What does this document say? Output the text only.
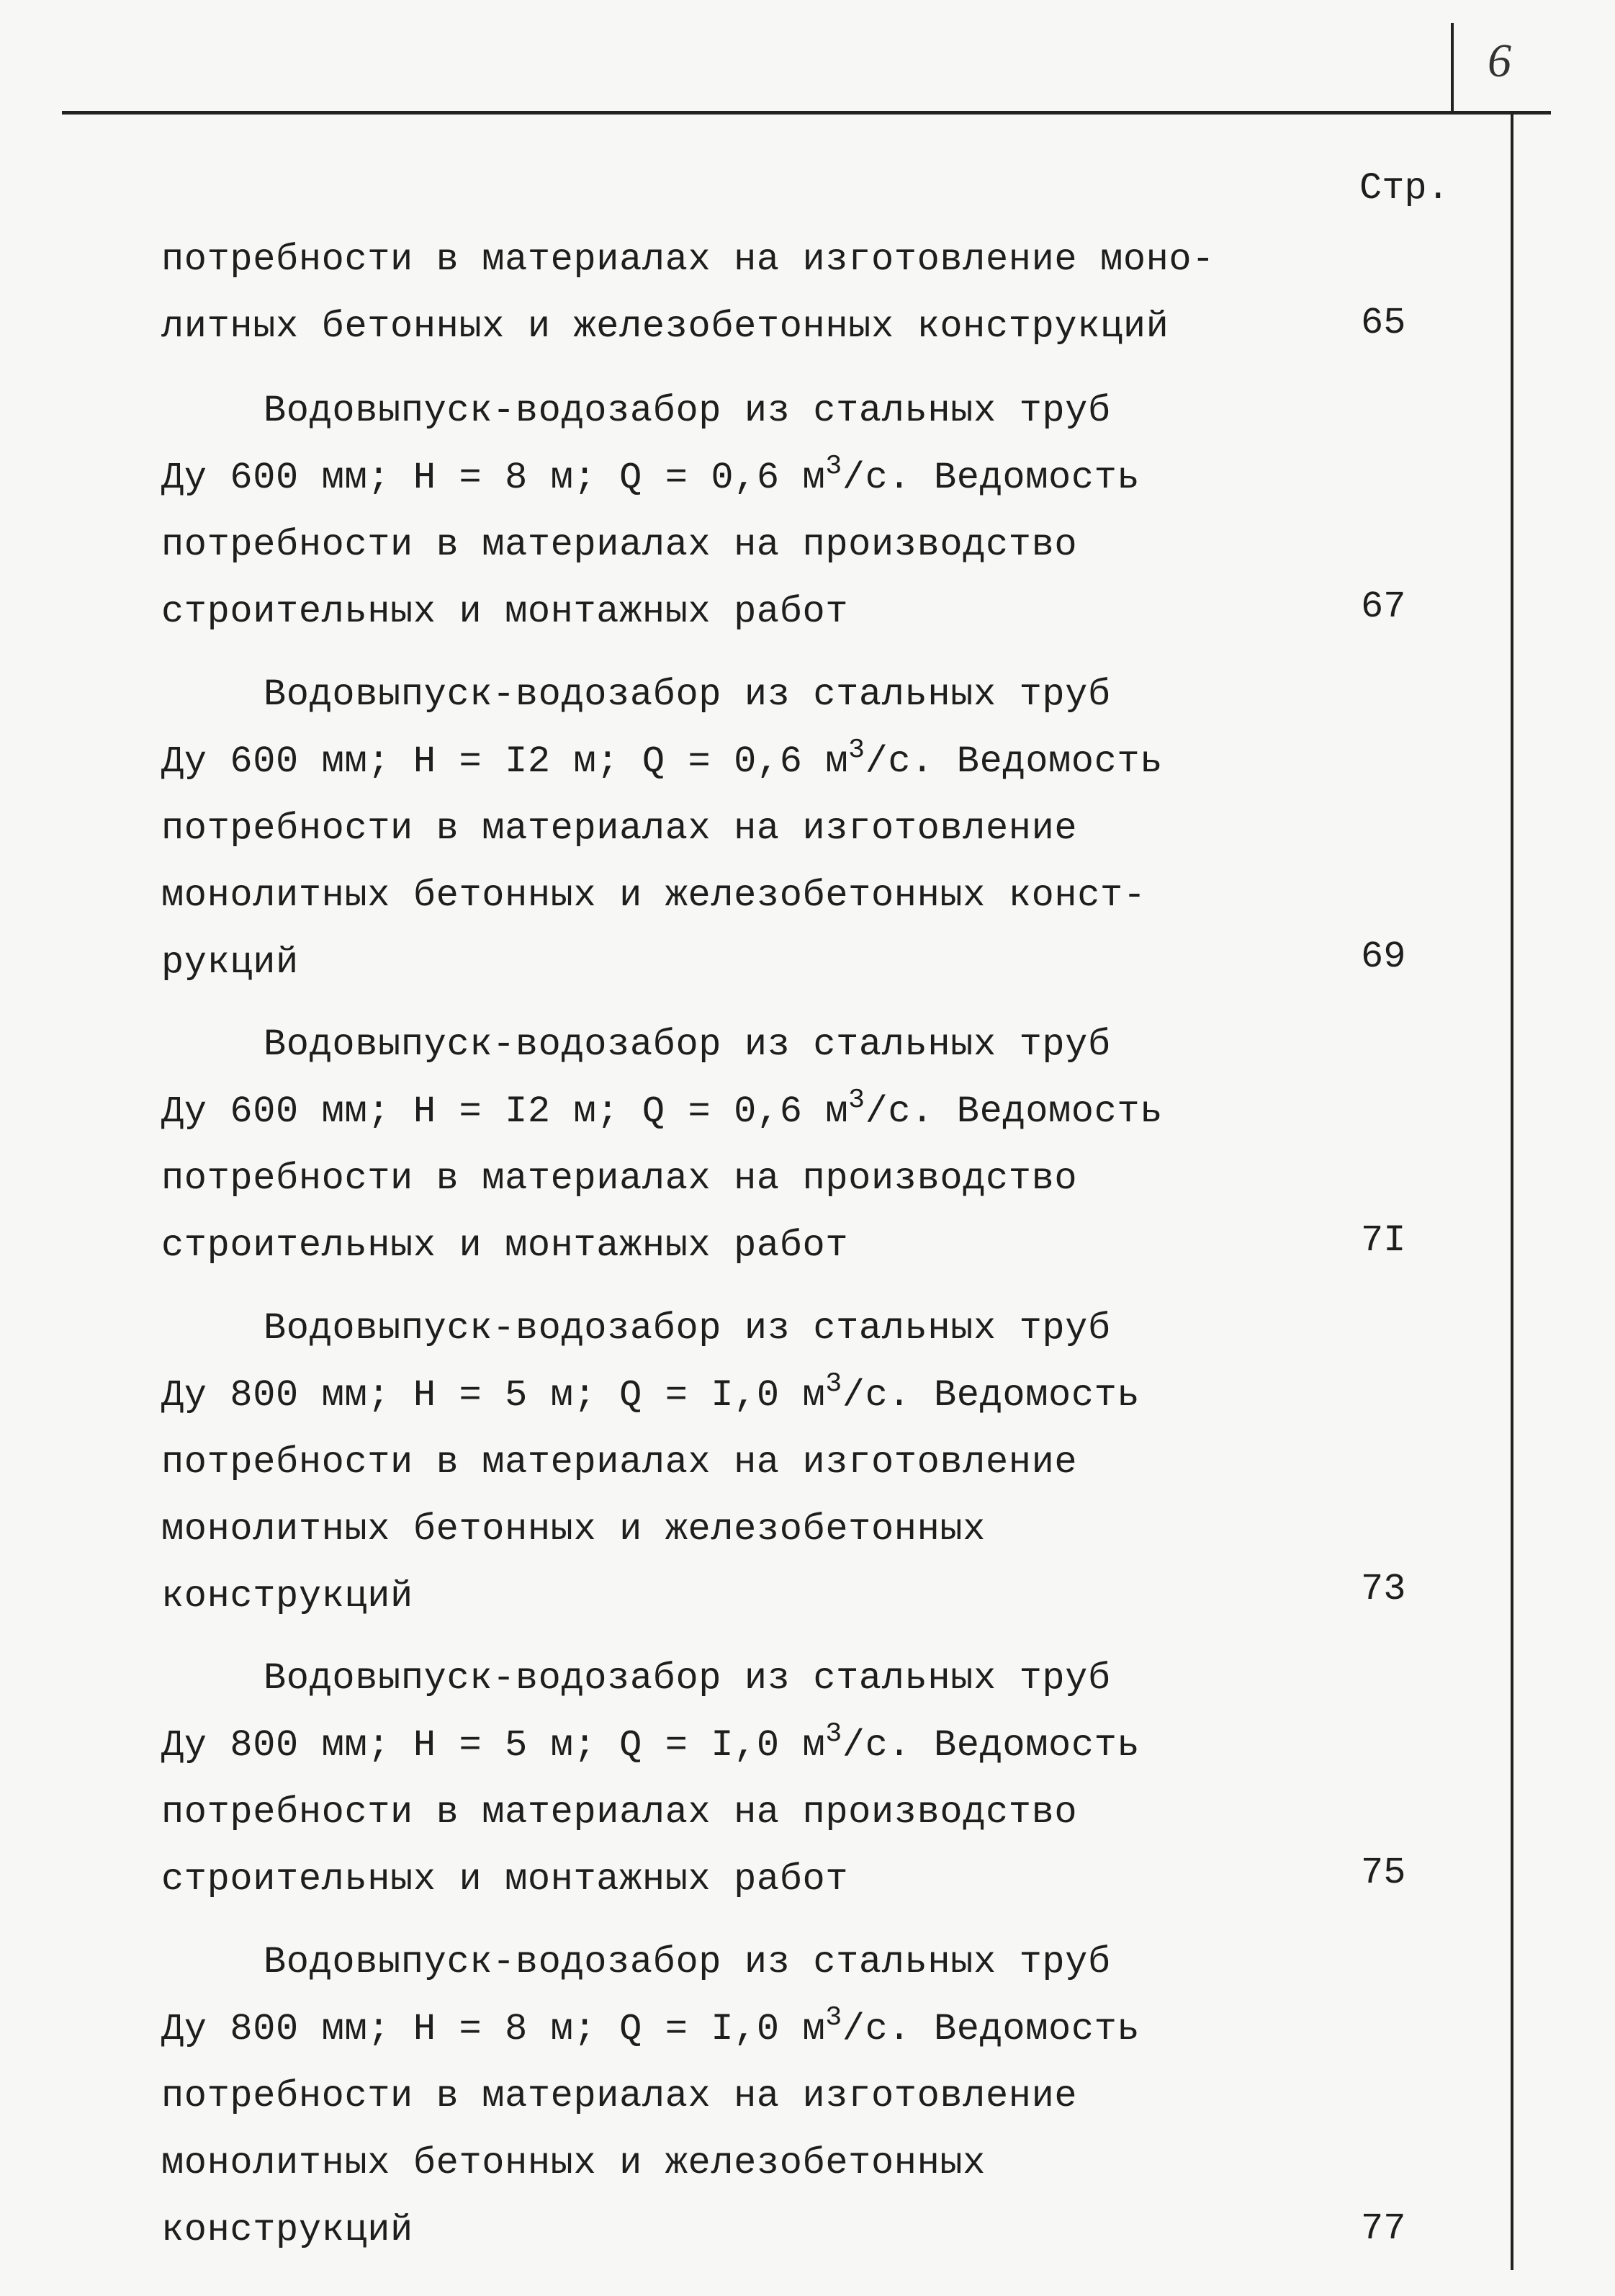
6
Стр.
потребности в материалах на изготовление моно-
литных бетонных и железобетонных конструкций	65
Водовыпуск-водозабор из стальных труб
Ду 600 мм; Н = 8 м; Q = 0,6 $м^3/с$. Ведомость
потребности в материалах на производство
строительных и монтажных работ	67
Водовыпуск-водозабор из стальных труб
Ду 600 мм; Н = I2 м; Q = 0,6 $м^3/с$. Ведомость
потребности в материалах на изготовление
монолитных бетонных и железобетонных конст-
рукций	69
Водовыпуск-водозабор из стальных труб
Ду 600 мм; Н = I2 м; Q = 0,6 $м^3/с$. Ведомость
потребности в материалах на производство
строительных и монтажных работ	7I
Водовыпуск-водозабор из стальных труб
Ду 800 мм; Н = 5 м; Q = I,0 $м^3/с$. Ведомость
потребности в материалах на изготовление
монолитных бетонных и железобетонных
конструкций	73
Водовыпуск-водозабор из стальных труб
Ду 800 мм; Н = 5 м; Q = I,0 $м^3/с$. Ведомость
потребности в материалах на производство
строительных и монтажных работ	75
Водовыпуск-водозабор из стальных труб
Ду 800 мм; Н = 8 м; Q = I,0 $м^3/с$. Ведомость
потребности в материалах на изготовление
монолитных бетонных и железобетонных
конструкций	77
